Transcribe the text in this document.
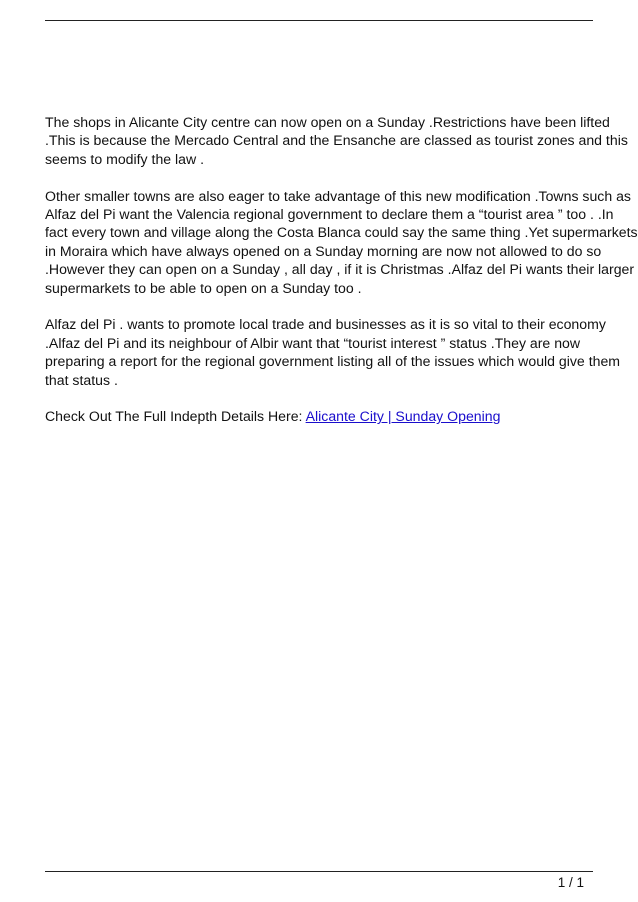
The shops in Alicante City centre can now open on a Sunday .Restrictions have been lifted
.This is because the Mercado Central and the Ensanche are classed as tourist zones and this
seems to modify the law .

Other smaller towns are also eager to take advantage of this new modification .Towns such as
Alfaz del Pi want the Valencia regional government to declare them a “tourist area ” too . .In
fact every town and village along the Costa Blanca could say the same thing .Yet supermarkets
in Moraira which have always opened on a Sunday morning are now not allowed to do so
.However they can open on a Sunday , all day , if it is Christmas .Alfaz del Pi wants their larger
supermarkets to be able to open on a Sunday too .

Alfaz del Pi . wants to promote local trade and businesses as it is so vital to their economy
.Alfaz del Pi and its neighbour of Albir want that “tourist interest ” status .They are now
preparing a report for the regional government listing all of the issues which would give them
that status .

Check Out The Full Indepth Details Here: Alicante City | Sunday Opening

1 / 1
